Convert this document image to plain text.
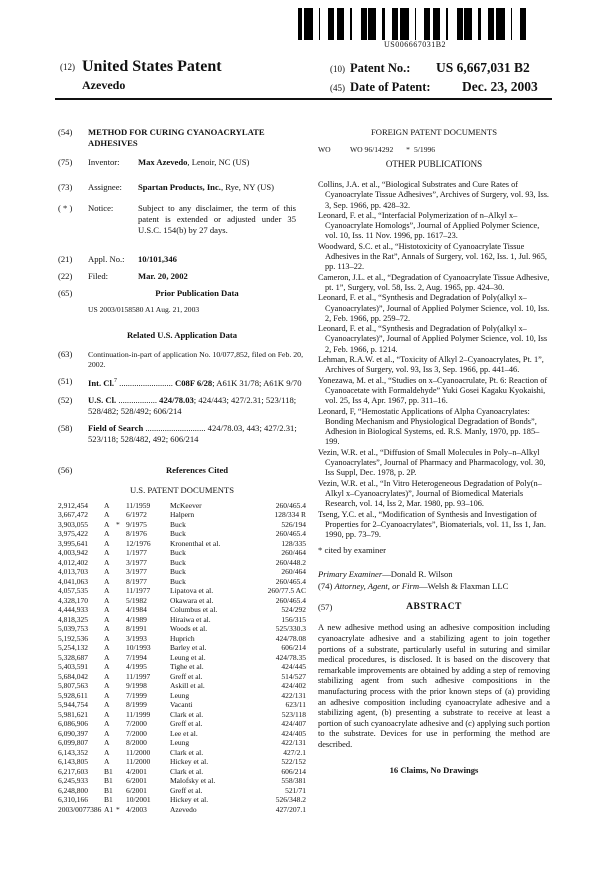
US006667031B2
(12) United States Patent
Azevedo
(10) Patent No.: US 6,667,031 B2
(45) Date of Patent: Dec. 23, 2003
(54)	METHOD FOR CURING CYANOACRYLATE ADHESIVES
(75)	Inventor:	Max Azevedo, Lenoir, NC (US)
(73)	Assignee:	Spartan Products, Inc., Rye, NY (US)
( * )	Notice:	Subject to any disclaimer, the term of this patent is extended or adjusted under 35 U.S.C. 154(b) by 27 days.
(21)	Appl. No.:	10/101,346
(22)	Filed:	Mar. 20, 2002
(65)	Prior Publication Data
US 2003/0158580 A1 Aug. 21, 2003
Related U.S. Application Data
(63)	Continuation-in-part of application No. 10/077,852, filed on Feb. 20, 2002.
(51)	Int. Cl.$^7$ ......................... C08F 6/28; A61K 31/78; A61K 9/70
(52)	U.S. Cl. .................. 424/78.03; 424/443; 427/2.31; 523/118; 528/482; 528/492; 606/214
(58)	Field of Search ............................ 424/78.03, 443; 427/2.31; 523/118; 528/482, 492; 606/214
(56)	References Cited
U.S. PATENT DOCUMENTS
2,912,454	A	11/1959	McKeever	260/465.4
3,667,472	A	6/1972	Halpern	128/334 R
3,903,055	A * 9/1975	Buck	526/194
3,975,422	A	8/1976	Buck	260/465.4
3,995,641	A	12/1976	Kronenthal et al.	128/335
4,003,942	A	1/1977	Buck	260/464
4,012,402	A	3/1977	Buck	260/448.2
4,013,703	A	3/1977	Buck	260/464
4,041,063	A	8/1977	Buck	260/465.4
4,057,535	A	11/1977	Lipatova et al.	260/77.5 AC
4,328,170	A	5/1982	Okawara et al.	260/465.4
4,444,933	A	4/1984	Columbus et al.	524/292
4,818,325	A	4/1989	Hiraiwa et al.	156/315
5,039,753	A	8/1991	Woods et al.	525/330.3
5,192,536	A	3/1993	Huprich	424/78.08
5,254,132	A	10/1993	Barley et al.	606/214
5,328,687	A	7/1994	Leung et al.	424/78.35
5,403,591	A	4/1995	Tighe et al.	424/445
5,684,042	A	11/1997	Greff et al.	514/527
5,807,563	A	9/1998	Askill et al.	424/402
5,928,611	A	7/1999	Leung	422/131
5,944,754	A	8/1999	Vacanti	623/11
5,981,621	A	11/1999	Clark et al.	523/118
6,086,906	A	7/2000	Greff et al.	424/407
6,090,397	A	7/2000	Lee et al.	424/405
6,099,807	A	8/2000	Leung	422/131
6,143,352	A	11/2000	Clark et al.	427/2.1
6,143,805	A	11/2000	Hickey et al.	522/152
6,217,603	B1	4/2001	Clark et al.	606/214
6,245,933	B1	6/2001	Malofsky et al.	558/381
6,248,800	B1	6/2001	Greff et al.	521/71
6,310,166	B1	10/2001	Hickey et al.	526/348.2
2003/0077386 A1 * 4/2003	Azevedo	427/207.1
FOREIGN PATENT DOCUMENTS
WO	WO 96/14292	* 5/1996
OTHER PUBLICATIONS

Collins, J.A. et al., “Biological Substrates and Cure Rates of Cyanoacrylate Tissue Adhesives”, Archives of Surgery, vol. 93, Iss. 3, Sep. 1966, pp. 428–32.

Leonard, F. et al., “Interfacial Polymerization of n–Alkyl x–Cyanoacrylate Homologs”, Journal of Applied Polymer Science, vol. 10, Iss. 11 Nov. 1996, pp. 1617–23.

Woodward, S.C. et al., “Histotoxicity of Cyanoacrylate Tissue Adhesives in the Rat”, Annals of Surgery, vol. 162, Iss. 1, Jul. 965, pp. 113–22.

Cameron, J.L. et al., “Degradation of Cyanoacrylate Tissue Adhesive, pt. 1”, Surgery, vol. 58, Iss. 2, Aug. 1965, pp. 424–30.

Leonard, F. et al., “Synthesis and Degradation of Poly(alkyl x–Cyanoacrylates)”, Journal of Applied Polymer Science, vol. 10, Iss. 2, Feb. 1966, pp. 259–72.

Leonard, F. et al., “Synthesis and Degradation of Poly(alkyl x–Cyanoacrylates)”, Journal of Applied Polymer Science, vol. 10, Iss 2, Feb. 1966, p. 1214.

Lehman, R.A.W. et al., “Toxicity of Alkyl 2–Cyanoacrylates, Pt. 1”, Archives of Surgery, vol. 93, Iss 3, Sep. 1966, pp. 441–46.

Yonezawa, M. et al., “Studies on x–Cyanoacrulate, Pt. 6: Reaction of Cyanoacetate with Formaldehyde” Yuki Gosei Kagaku Kyokaishi, vol. 25, Iss 4, Apr. 1967, pp. 311–16.

Leonard, F, “Hemostatic Applications of Alpha Cyanoacrylates: Bonding Mechanism and Physiological Degradation of Bonds”, Adhesion in Biological Systems, ed. R.S. Manly, 1970, pp. 185–199.

Vezin, W.R. et al., “Diffusion of Small Molecules in Poly–n–Alkyl Cyanoacrylates”, Journal of Pharmacy and Pharmacology, vol. 30, Iss Suppl, Dec. 1978, p. 2P.

Vezin, W.R. et al., “In Vitro Heterogeneous Degradation of Poly(n–Alkyl x–Cyanoacrylates)”, Journal of Biomedical Materials Research, vol. 14, Iss 2, Mar. 1980, pp. 93–106.

Tseng, Y.C. et al., “Modification of Synthesis and Investigation of Properties for 2–Cyanoacrylates”, Biomaterials, vol. 11, Iss 1, Jan. 1990, pp. 73–79.

* cited by examiner
Primary Examiner—Donald R. Wilson
(74) Attorney, Agent, or Firm—Welsh & Flaxman LLC
(57)	ABSTRACT
A new adhesive method using an adhesive composition including cyanoacrylate adhesive and a stabilizing agent to join together portions of a substrate, particularly useful in suturing and similar medical procedures, is disclosed. It is based on the discovery that remarkable improvements are obtained by adding a step of removing stabilizing agent from such adhesive compositions in the manufacturing process with the prior known steps of (a) providing an adhesive composition including cyanoacrylate adhesive and a stabilizing agent, (b) presenting a substrate to receive at least a portion of such cyanoacrylate adhesive and (c) applying such portion to the substrate. Devices for use in performing the method are described.
16 Claims, No Drawings
